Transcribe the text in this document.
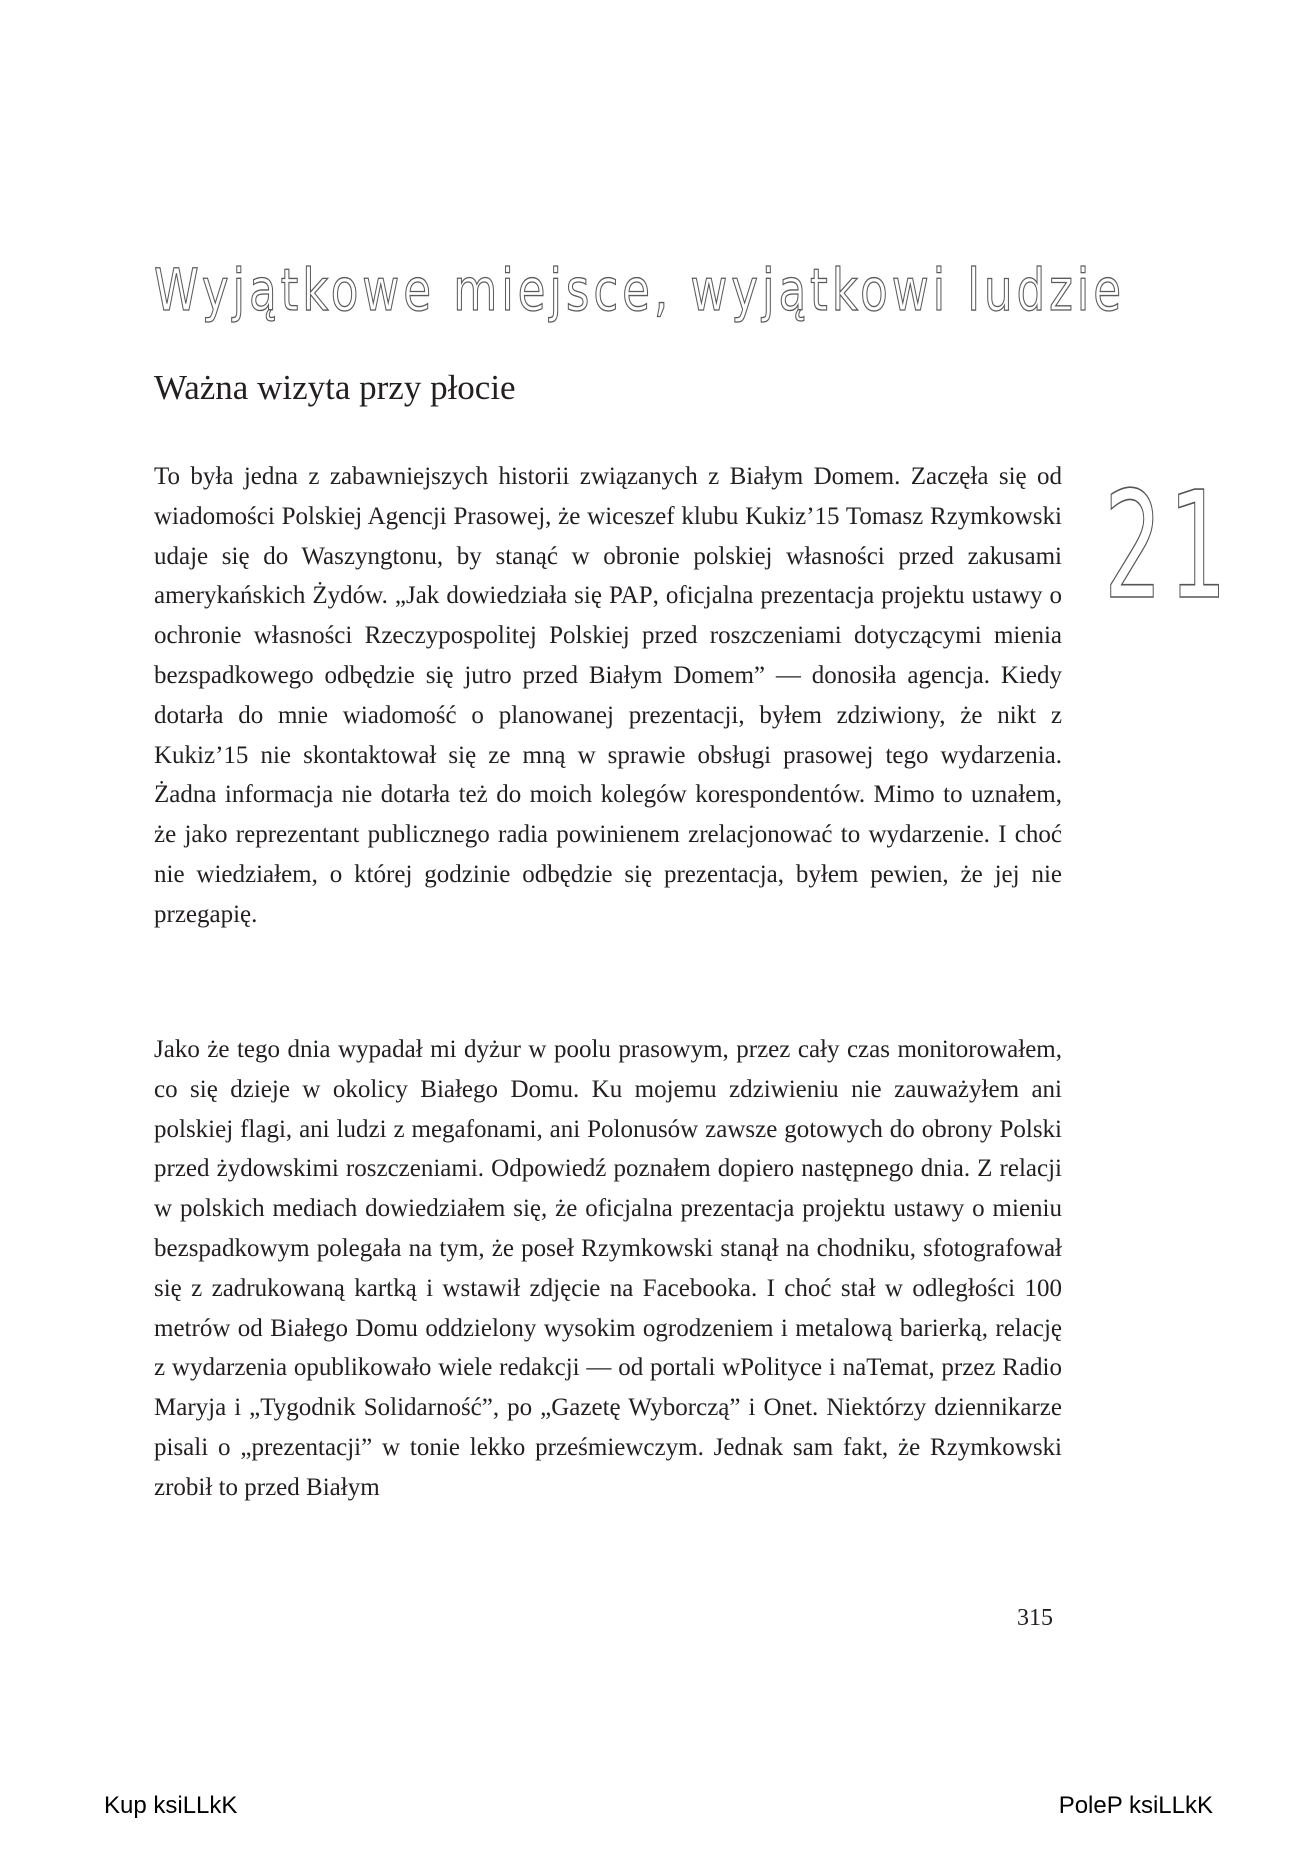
Wyjątkowe miejsce, wyjątkowi ludzie
Ważna wizyta przy płocie
21

To była jedna z zabawniejszych historii związanych z Białym Domem. Zaczęła się od wiadomości Polskiej Agencji Prasowej, że wiceszef klubu Kukiz’15 Tomasz Rzymkowski udaje się do Waszyngtonu, by stanąć w obronie polskiej własności przed zakusami amerykańskich Żydów. „Jak dowiedziała się PAP, oficjalna prezentacja projektu ustawy o ochronie własności Rzeczypospolitej Polskiej przed roszczeniami dotyczącymi mienia bezspadkowego odbędzie się jutro przed Białym Domem” — donosiła agencja. Kiedy dotarła do mnie wiadomość o planowanej prezentacji, byłem zdziwiony, że nikt z Kukiz’15 nie skontaktował się ze mną w sprawie obsługi prasowej tego wydarzenia. Żadna informacja nie dotarła też do moich kolegów korespondentów. Mimo to uznałem, że jako reprezentant publicznego radia powinienem zrelacjonować to wydarzenie. I choć nie wiedziałem, o której godzinie odbędzie się prezentacja, byłem pewien, że jej nie przegapię.

Jako że tego dnia wypadał mi dyżur w poolu prasowym, przez cały czas monitorowałem, co się dzieje w okolicy Białego Domu. Ku mojemu zdziwieniu nie zauważyłem ani polskiej flagi, ani ludzi z megafonami, ani Polonusów zawsze gotowych do obrony Polski przed żydowskimi roszczeniami. Odpowiedź poznałem dopiero następnego dnia. Z relacji w polskich mediach dowiedziałem się, że oficjalna prezentacja projektu ustawy o mieniu bezspadkowym polegała na tym, że poseł Rzymkowski stanął na chodniku, sfotografował się z zadrukowaną kartką i wstawił zdjęcie na Facebooka. I choć stał w odległości 100 metrów od Białego Domu oddzielony wysokim ogrodzeniem i metalową barierką, relację z wydarzenia opublikowało wiele redakcji — od portali wPolityce i naTemat, przez Radio Maryja i „Tygodnik Solidarność”, po „Gazetę Wyborczą” i Onet. Niektórzy dziennikarze pisali o „prezentacji” w tonie lekko prześmiewczym. Jednak sam fakt, że Rzymkowski zrobił to przed Białym

315
Kup ksiLLkK	PoleP ksiLLkK
